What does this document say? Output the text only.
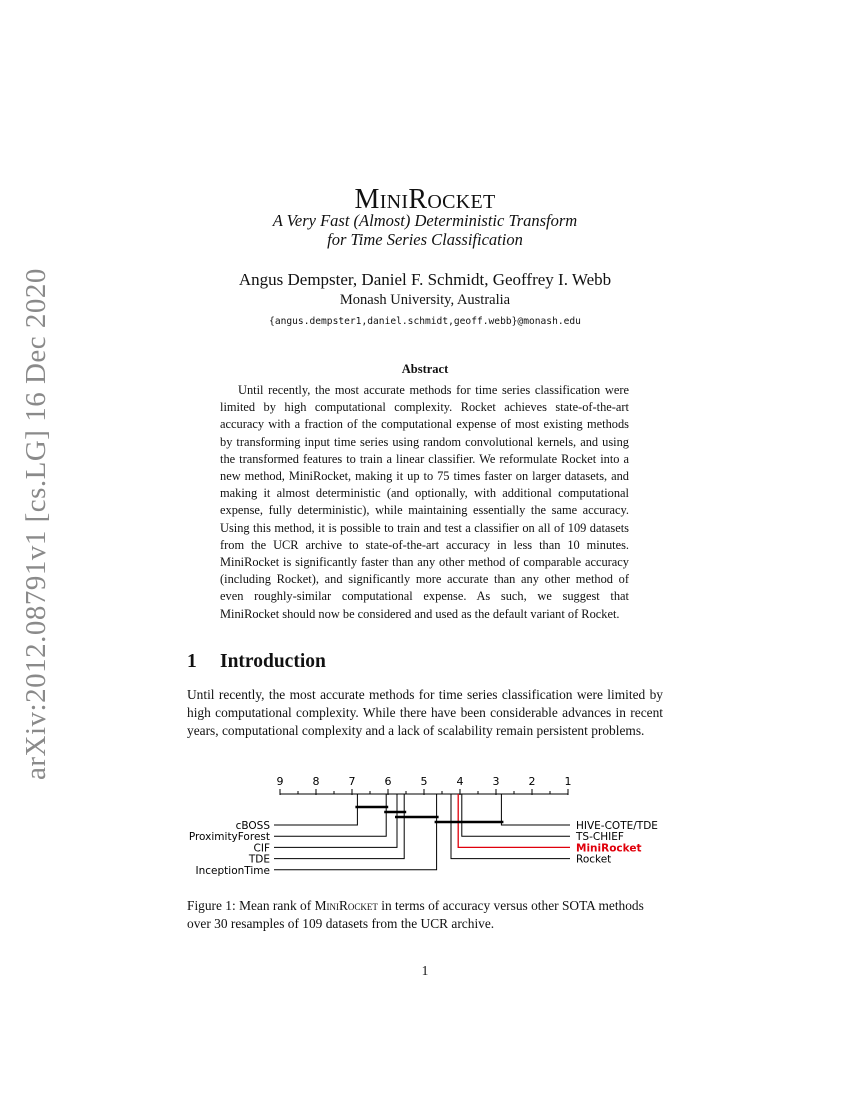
arXiv:2012.08791v1 [cs.LG] 16 Dec 2020
MiniRocket
A Very Fast (Almost) Deterministic Transform
for Time Series Classification
Angus Dempster, Daniel F. Schmidt, Geoffrey I. Webb
Monash University, Australia
{angus.dempster1,daniel.schmidt,geoff.webb}@monash.edu
Abstract
Until recently, the most accurate methods for time series classification were limited by high computational complexity. Rocket achieves state-of-the-art accuracy with a fraction of the computational expense of most existing methods by transforming input time series using random convolutional kernels, and using the transformed features to train a linear classifier. We reformulate Rocket into a new method, MiniRocket, making it up to 75 times faster on larger datasets, and making it almost deterministic (and optionally, with additional computational expense, fully deterministic), while maintaining essentially the same accuracy. Using this method, it is possible to train and test a classifier on all of 109 datasets from the UCR archive to state-of-the-art accuracy in less than 10 minutes. MiniRocket is significantly faster than any other method of comparable accuracy (including Rocket), and significantly more accurate than any other method of even roughly-similar computational expense. As such, we suggest that MiniRocket should now be considered and used as the default variant of Rocket.
1 Introduction
Until recently, the most accurate methods for time series classification were limited by high computational complexity. While there have been considerable advances in recent years, computational complexity and a lack of scalability remain persistent problems.
9	8	7	6	5	4	3	2	1
cBOSS
ProximityForest
CIF
TDE
InceptionTime
HIVE-COTE/TDE
TS-CHIEF
MiniRocket
Rocket
Figure 1: Mean rank of MiniRocket in terms of accuracy versus other SOTA methods over 30 resamples of 109 datasets from the UCR archive.
1
